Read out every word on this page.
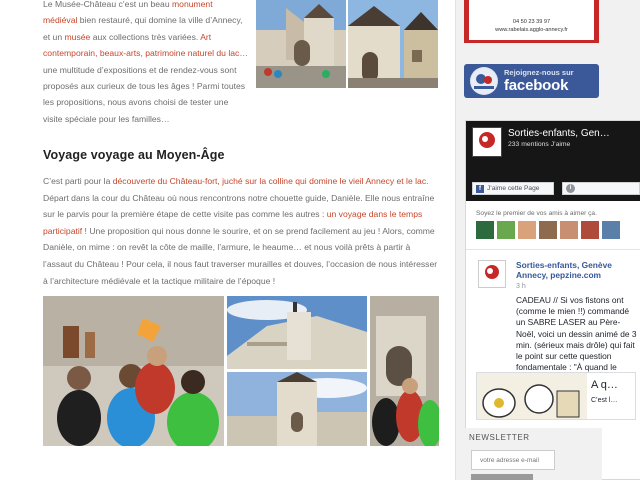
Le Musée-Château c’est un beau monument médiéval bien restauré, qui domine la ville d’Annecy, et un musée aux collections très variées. Art contemporain, beaux-arts, patrimoine naturel du lac… une multitude d’expositions et de rendez-vous sont proposés aux curieux de tous les âges ! Parmi toutes les propositions, nous avons choisi de tester une visite spéciale pour les familles…

Voyage voyage au Moyen-Âge

C’est parti pour la découverte du Château-fort, juché sur la colline qui domine le vieil Annecy et le lac. Départ dans la cour du Château où nous rencontrons notre chouette guide, Danièle. Elle nous entraîne sur le parvis pour la première étape de cette visite pas comme les autres : un voyage dans le temps participatif ! Une proposition qui nous donne le sourire, et on se prend facilement au jeu ! Alors, comme Danièle, on mime : on revêt la côte de maille, l’armure, le heaume… et nous voilà prêts à partir à l’assaut du Château ! Pour cela, il nous faut traverser murailles et douves, l’occasion de nous intéresser à l’architecture médiévale et la tactique militaire de l’époque !

04 50 23 39 97
www.rabelais.agglo-annecy.fr
Rejoignez-nous sur
facebook
Sorties-enfants, Gen…
233 mentions J’aime
f J’aime cette Page	i
Soyez le premier de vos amis à aimer ça.
Sorties-enfants, Genève Annecy, pepzine.com
3 h
CADEAU // Si vos fistons ont (comme le mien !!) commandé un SABRE LASER au Père-Noël, voici un dessin animé de 3 min. (sérieux mais drôle) qui fait le point sur cette question fondamentale : "À quand le
A q…
C’est l…
NEWSLETTER
votre adresse e-mail
